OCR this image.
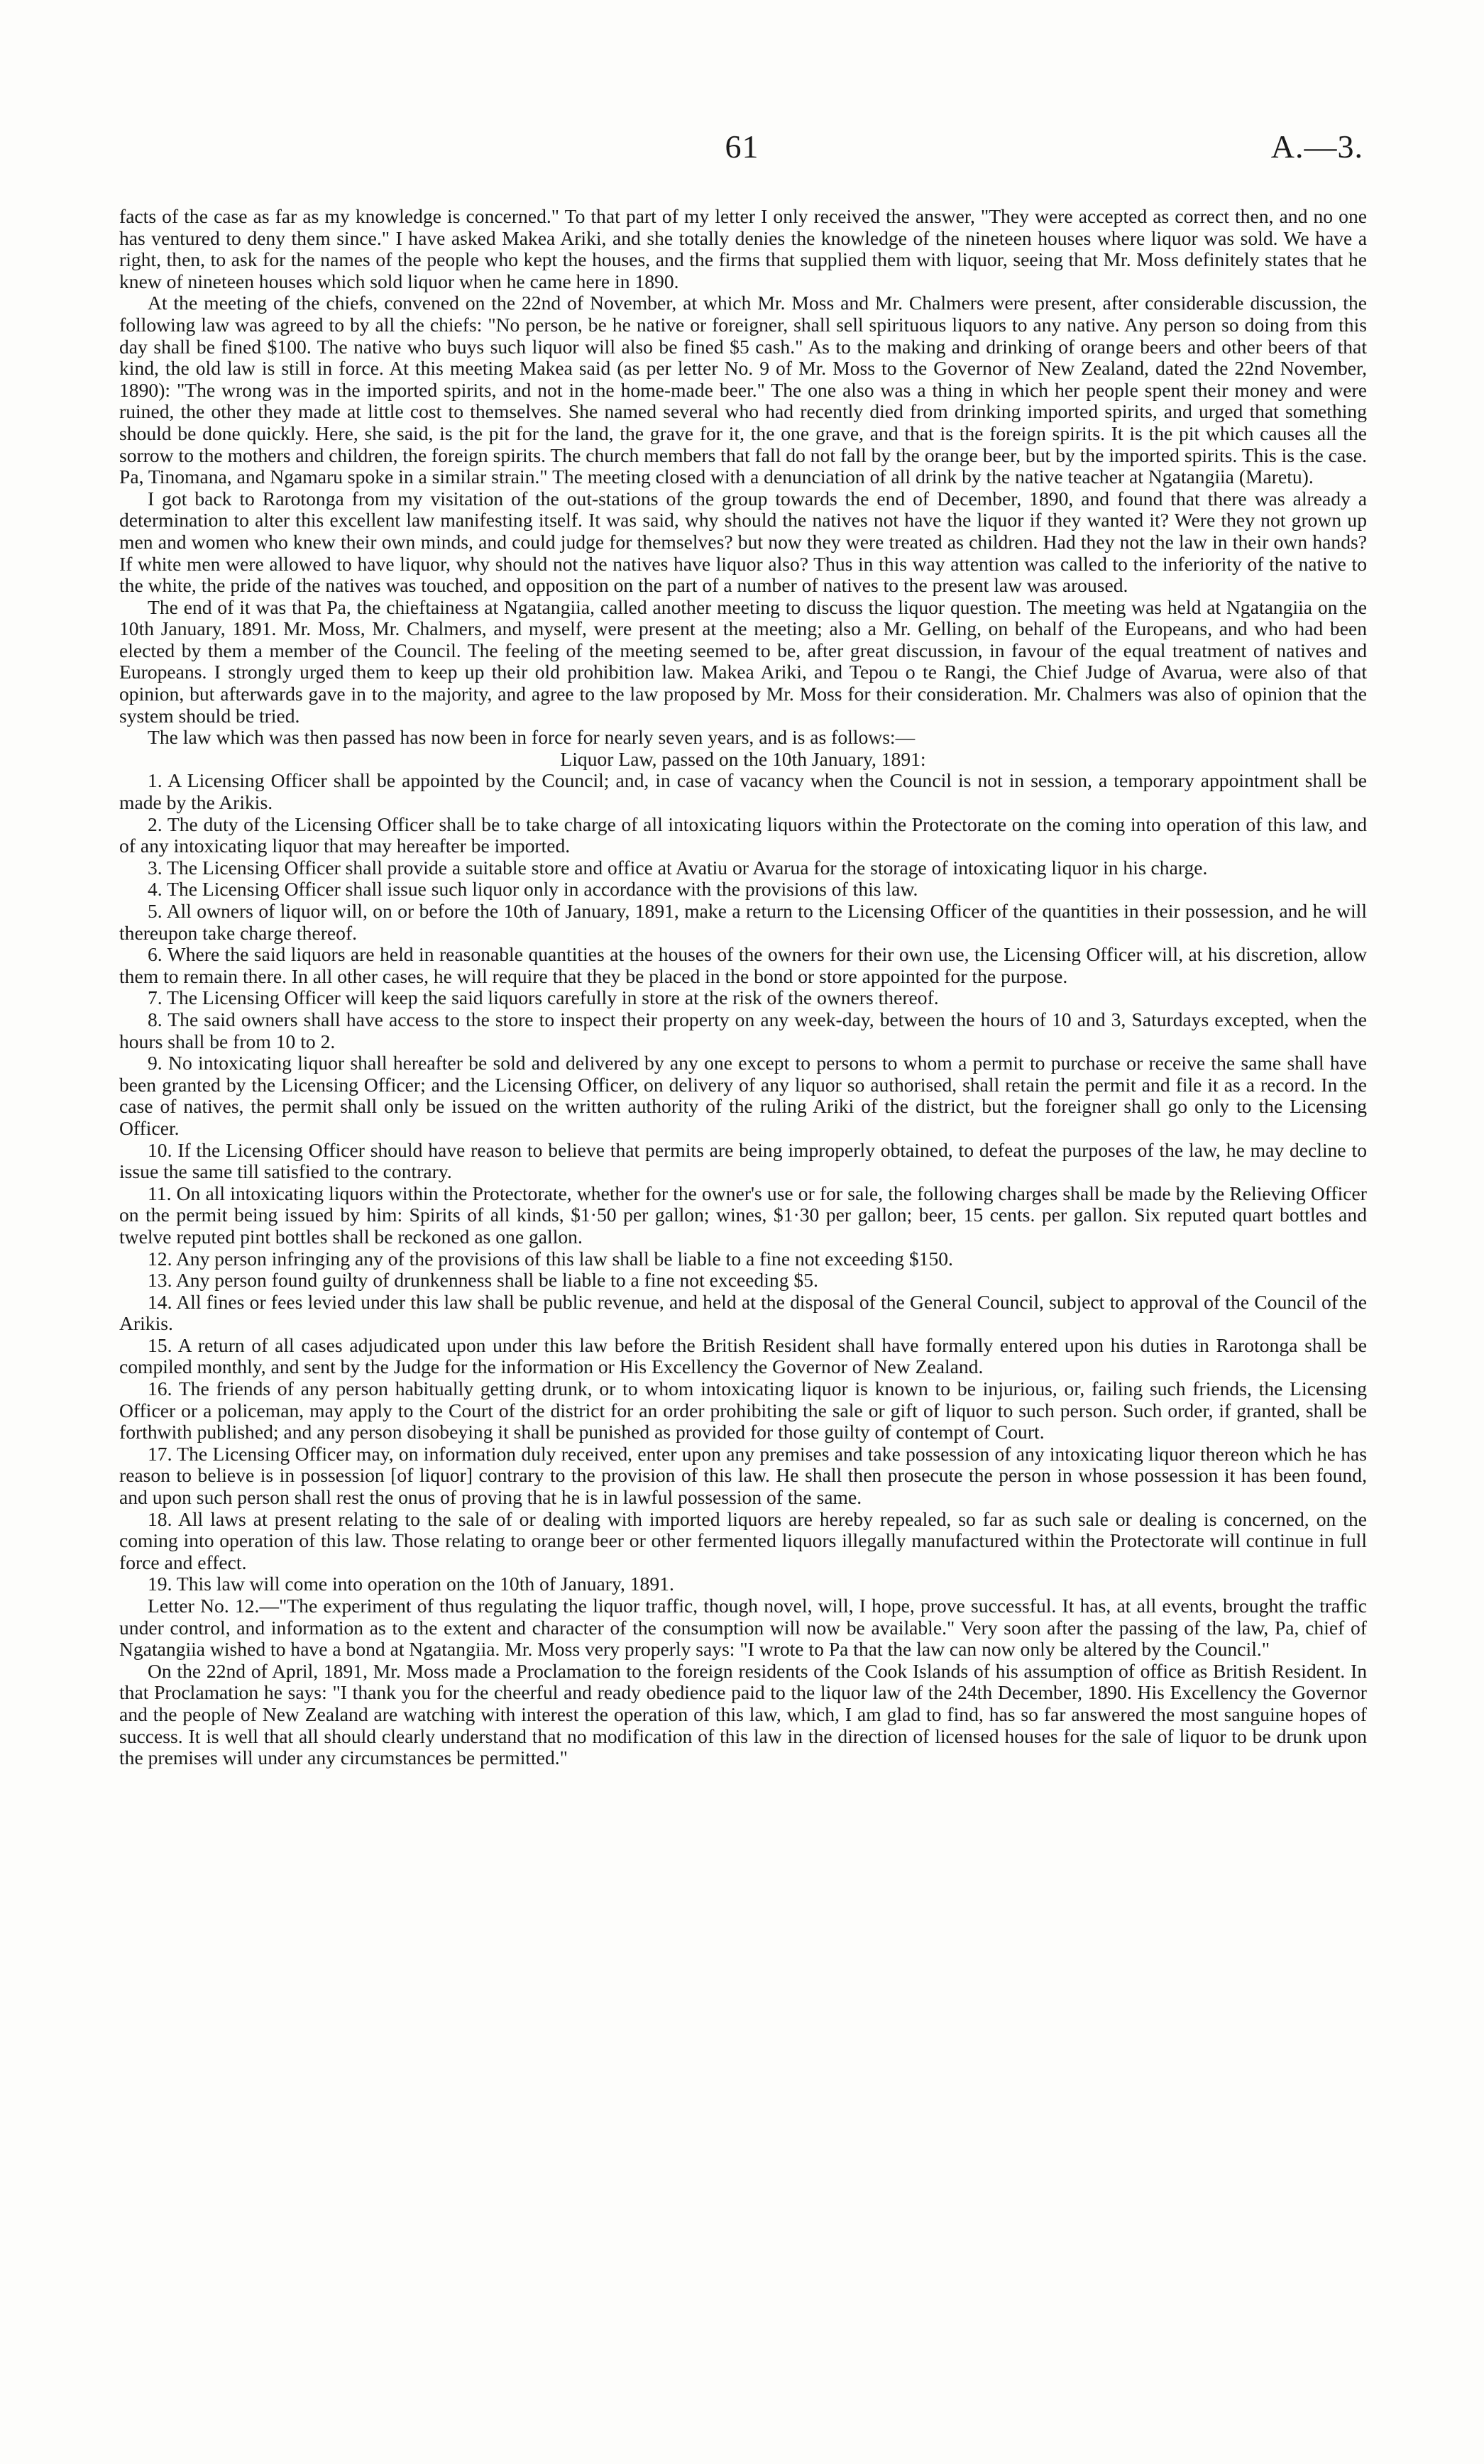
61	A.—3.

facts of the case as far as my knowledge is concerned." To that part of my letter I only received the answer, "They were accepted as correct then, and no one has ventured to deny them since." I have asked Makea Ariki, and she totally denies the knowledge of the nineteen houses where liquor was sold. We have a right, then, to ask for the names of the people who kept the houses, and the firms that supplied them with liquor, seeing that Mr. Moss definitely states that he knew of nineteen houses which sold liquor when he came here in 1890.

At the meeting of the chiefs, convened on the 22nd of November, at which Mr. Moss and Mr. Chalmers were present, after considerable discussion, the following law was agreed to by all the chiefs: "No person, be he native or foreigner, shall sell spirituous liquors to any native. Any person so doing from this day shall be fined $100. The native who buys such liquor will also be fined $5 cash." As to the making and drinking of orange beers and other beers of that kind, the old law is still in force. At this meeting Makea said (as per letter No. 9 of Mr. Moss to the Governor of New Zealand, dated the 22nd November, 1890): "The wrong was in the imported spirits, and not in the home-made beer." The one also was a thing in which her people spent their money and were ruined, the other they made at little cost to themselves. She named several who had recently died from drinking imported spirits, and urged that something should be done quickly. Here, she said, is the pit for the land, the grave for it, the one grave, and that is the foreign spirits. It is the pit which causes all the sorrow to the mothers and children, the foreign spirits. The church members that fall do not fall by the orange beer, but by the imported spirits. This is the case. Pa, Tinomana, and Ngamaru spoke in a similar strain." The meeting closed with a denunciation of all drink by the native teacher at Ngatangiia (Maretu).

I got back to Rarotonga from my visitation of the out-stations of the group towards the end of December, 1890, and found that there was already a determination to alter this excellent law manifesting itself. It was said, why should the natives not have the liquor if they wanted it? Were they not grown up men and women who knew their own minds, and could judge for themselves? but now they were treated as children. Had they not the law in their own hands? If white men were allowed to have liquor, why should not the natives have liquor also? Thus in this way attention was called to the inferiority of the native to the white, the pride of the natives was touched, and opposition on the part of a number of natives to the present law was aroused.

The end of it was that Pa, the chieftainess at Ngatangiia, called another meeting to discuss the liquor question. The meeting was held at Ngatangiia on the 10th January, 1891. Mr. Moss, Mr. Chalmers, and myself, were present at the meeting; also a Mr. Gelling, on behalf of the Europeans, and who had been elected by them a member of the Council. The feeling of the meeting seemed to be, after great discussion, in favour of the equal treatment of natives and Europeans. I strongly urged them to keep up their old prohibition law. Makea Ariki, and Tepou o te Rangi, the Chief Judge of Avarua, were also of that opinion, but afterwards gave in to the majority, and agree to the law proposed by Mr. Moss for their consideration. Mr. Chalmers was also of opinion that the system should be tried.

The law which was then passed has now been in force for nearly seven years, and is as follows:—

Liquor Law, passed on the 10th January, 1891:

1. A Licensing Officer shall be appointed by the Council; and, in case of vacancy when the Council is not in session, a temporary appointment shall be made by the Arikis.

2. The duty of the Licensing Officer shall be to take charge of all intoxicating liquors within the Protectorate on the coming into operation of this law, and of any intoxicating liquor that may hereafter be imported.

3. The Licensing Officer shall provide a suitable store and office at Avatiu or Avarua for the storage of intoxicating liquor in his charge.

4. The Licensing Officer shall issue such liquor only in accordance with the provisions of this law.

5. All owners of liquor will, on or before the 10th of January, 1891, make a return to the Licensing Officer of the quantities in their possession, and he will thereupon take charge thereof.

6. Where the said liquors are held in reasonable quantities at the houses of the owners for their own use, the Licensing Officer will, at his discretion, allow them to remain there. In all other cases, he will require that they be placed in the bond or store appointed for the purpose.

7. The Licensing Officer will keep the said liquors carefully in store at the risk of the owners thereof.

8. The said owners shall have access to the store to inspect their property on any week-day, between the hours of 10 and 3, Saturdays excepted, when the hours shall be from 10 to 2.

9. No intoxicating liquor shall hereafter be sold and delivered by any one except to persons to whom a permit to purchase or receive the same shall have been granted by the Licensing Officer; and the Licensing Officer, on delivery of any liquor so authorised, shall retain the permit and file it as a record. In the case of natives, the permit shall only be issued on the written authority of the ruling Ariki of the district, but the foreigner shall go only to the Licensing Officer.

10. If the Licensing Officer should have reason to believe that permits are being improperly obtained, to defeat the purposes of the law, he may decline to issue the same till satisfied to the contrary.

11. On all intoxicating liquors within the Protectorate, whether for the owner's use or for sale, the following charges shall be made by the Relieving Officer on the permit being issued by him: Spirits of all kinds, $1·50 per gallon; wines, $1·30 per gallon; beer, 15 cents. per gallon. Six reputed quart bottles and twelve reputed pint bottles shall be reckoned as one gallon.

12. Any person infringing any of the provisions of this law shall be liable to a fine not exceeding $150.

13. Any person found guilty of drunkenness shall be liable to a fine not exceeding $5.

14. All fines or fees levied under this law shall be public revenue, and held at the disposal of the General Council, subject to approval of the Council of the Arikis.

15. A return of all cases adjudicated upon under this law before the British Resident shall have formally entered upon his duties in Rarotonga shall be compiled monthly, and sent by the Judge for the information or His Excellency the Governor of New Zealand.

16. The friends of any person habitually getting drunk, or to whom intoxicating liquor is known to be injurious, or, failing such friends, the Licensing Officer or a policeman, may apply to the Court of the district for an order prohibiting the sale or gift of liquor to such person. Such order, if granted, shall be forthwith published; and any person disobeying it shall be punished as provided for those guilty of contempt of Court.

17. The Licensing Officer may, on information duly received, enter upon any premises and take possession of any intoxicating liquor thereon which he has reason to believe is in possession [of liquor] contrary to the provision of this law. He shall then prosecute the person in whose possession it has been found, and upon such person shall rest the onus of proving that he is in lawful possession of the same.

18. All laws at present relating to the sale of or dealing with imported liquors are hereby repealed, so far as such sale or dealing is concerned, on the coming into operation of this law. Those relating to orange beer or other fermented liquors illegally manufactured within the Protectorate will continue in full force and effect.

19. This law will come into operation on the 10th of January, 1891.

Letter No. 12.—"The experiment of thus regulating the liquor traffic, though novel, will, I hope, prove successful. It has, at all events, brought the traffic under control, and information as to the extent and character of the consumption will now be available." Very soon after the passing of the law, Pa, chief of Ngatangiia wished to have a bond at Ngatangiia. Mr. Moss very properly says: "I wrote to Pa that the law can now only be altered by the Council."

On the 22nd of April, 1891, Mr. Moss made a Proclamation to the foreign residents of the Cook Islands of his assumption of office as British Resident. In that Proclamation he says: "I thank you for the cheerful and ready obedience paid to the liquor law of the 24th December, 1890. His Excellency the Governor and the people of New Zealand are watching with interest the operation of this law, which, I am glad to find, has so far answered the most sanguine hopes of success. It is well that all should clearly understand that no modification of this law in the direction of licensed houses for the sale of liquor to be drunk upon the premises will under any circumstances be permitted."
